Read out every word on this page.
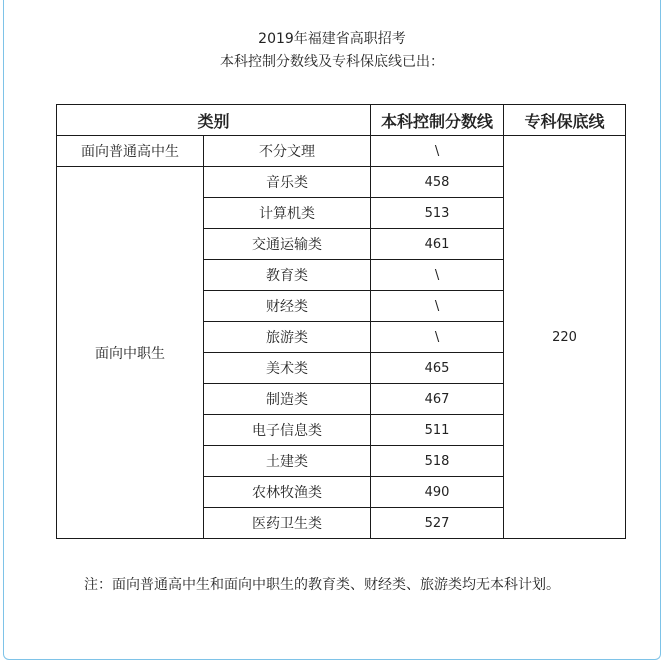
2019年福建省高职招考
本科控制分数线及专科保底线已出：
类别		本科控制分数线	专科保底线
面向普通高中生	不分文理	\	220
面向中职生	音乐类	458	
	计算机类	513	
	交通运输类	461	
	教育类	\	
	财经类	\	
	旅游类	\	
	美术类	465	
	制造类	467	
	电子信息类	511	
	土建类	518	
	农林牧渔类	490	
	医药卫生类	527	
注：面向普通高中生和面向中职生的教育类、财经类、旅游类均无本科计划。
